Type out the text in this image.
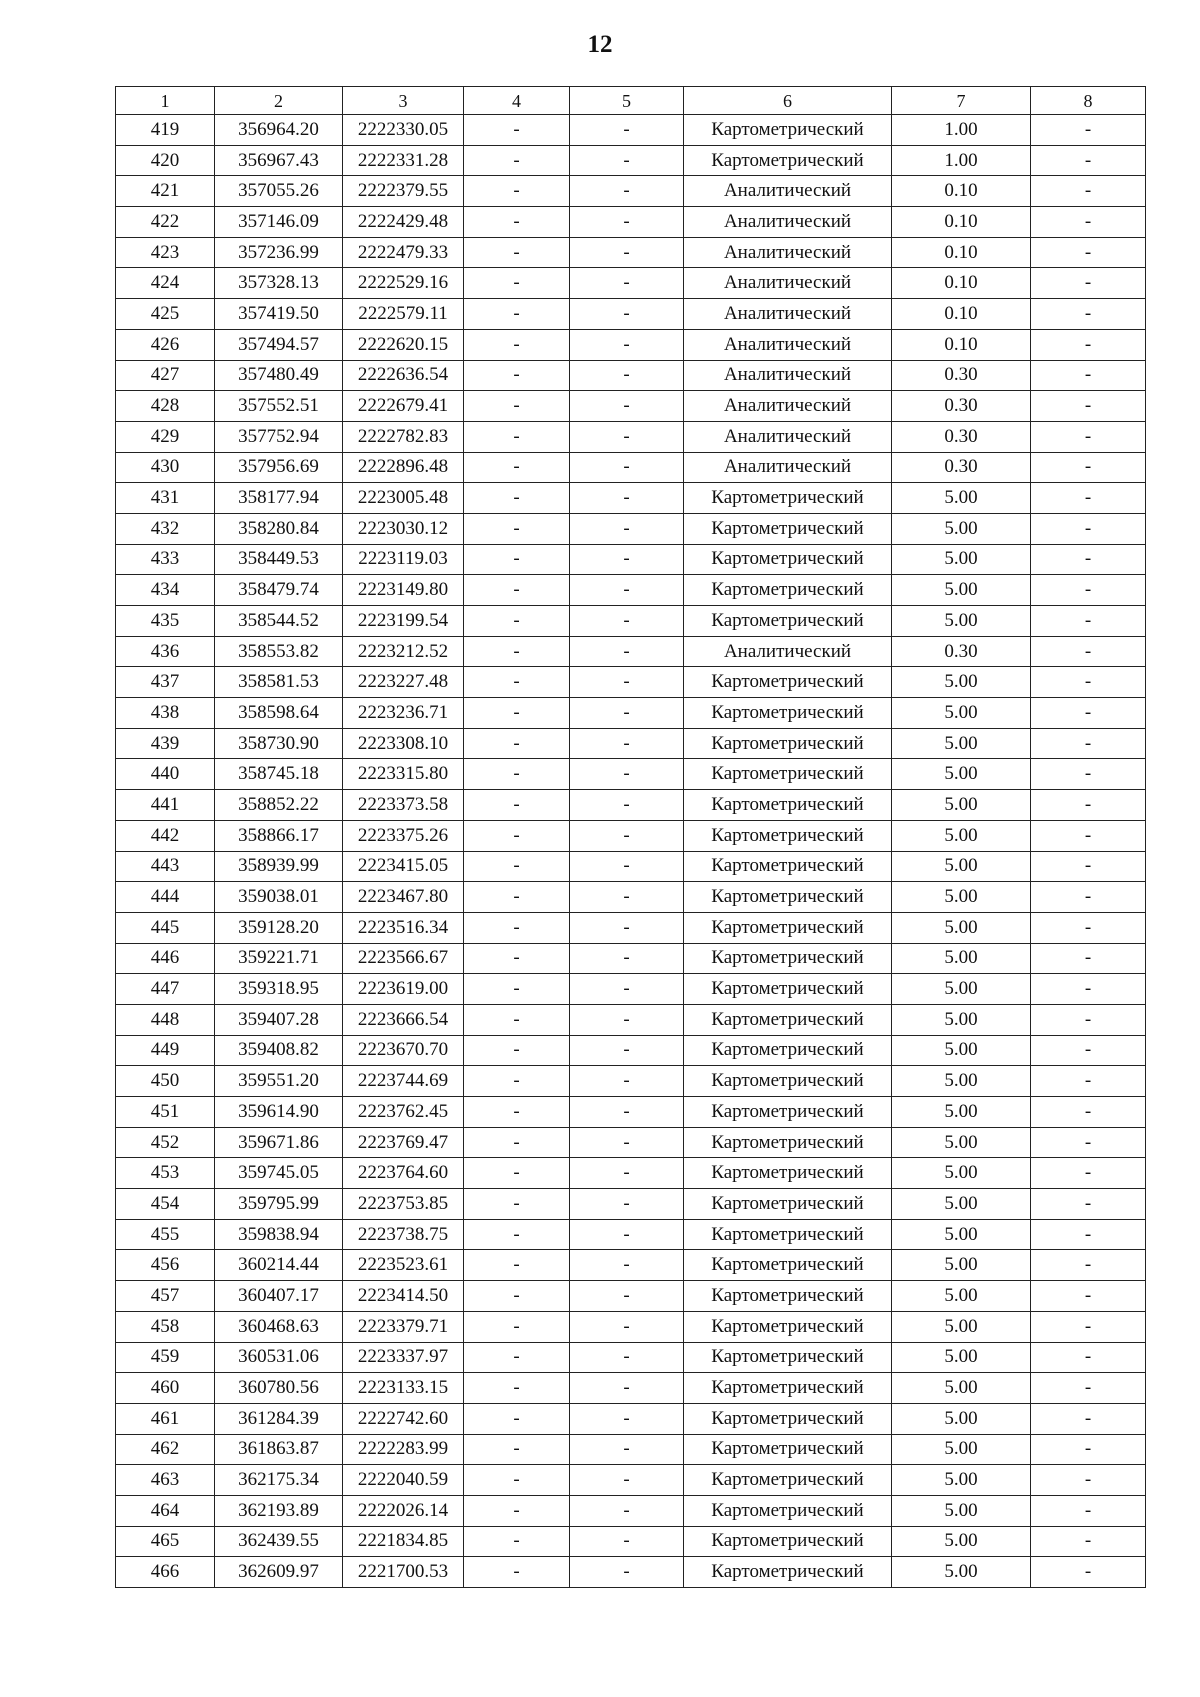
12
1	2	3	4	5	6	7	8
419	356964.20	2222330.05	-	-	Картометрический	1.00	-
420	356967.43	2222331.28	-	-	Картометрический	1.00	-
421	357055.26	2222379.55	-	-	Аналитический	0.10	-
422	357146.09	2222429.48	-	-	Аналитический	0.10	-
423	357236.99	2222479.33	-	-	Аналитический	0.10	-
424	357328.13	2222529.16	-	-	Аналитический	0.10	-
425	357419.50	2222579.11	-	-	Аналитический	0.10	-
426	357494.57	2222620.15	-	-	Аналитический	0.10	-
427	357480.49	2222636.54	-	-	Аналитический	0.30	-
428	357552.51	2222679.41	-	-	Аналитический	0.30	-
429	357752.94	2222782.83	-	-	Аналитический	0.30	-
430	357956.69	2222896.48	-	-	Аналитический	0.30	-
431	358177.94	2223005.48	-	-	Картометрический	5.00	-
432	358280.84	2223030.12	-	-	Картометрический	5.00	-
433	358449.53	2223119.03	-	-	Картометрический	5.00	-
434	358479.74	2223149.80	-	-	Картометрический	5.00	-
435	358544.52	2223199.54	-	-	Картометрический	5.00	-
436	358553.82	2223212.52	-	-	Аналитический	0.30	-
437	358581.53	2223227.48	-	-	Картометрический	5.00	-
438	358598.64	2223236.71	-	-	Картометрический	5.00	-
439	358730.90	2223308.10	-	-	Картометрический	5.00	-
440	358745.18	2223315.80	-	-	Картометрический	5.00	-
441	358852.22	2223373.58	-	-	Картометрический	5.00	-
442	358866.17	2223375.26	-	-	Картометрический	5.00	-
443	358939.99	2223415.05	-	-	Картометрический	5.00	-
444	359038.01	2223467.80	-	-	Картометрический	5.00	-
445	359128.20	2223516.34	-	-	Картометрический	5.00	-
446	359221.71	2223566.67	-	-	Картометрический	5.00	-
447	359318.95	2223619.00	-	-	Картометрический	5.00	-
448	359407.28	2223666.54	-	-	Картометрический	5.00	-
449	359408.82	2223670.70	-	-	Картометрический	5.00	-
450	359551.20	2223744.69	-	-	Картометрический	5.00	-
451	359614.90	2223762.45	-	-	Картометрический	5.00	-
452	359671.86	2223769.47	-	-	Картометрический	5.00	-
453	359745.05	2223764.60	-	-	Картометрический	5.00	-
454	359795.99	2223753.85	-	-	Картометрический	5.00	-
455	359838.94	2223738.75	-	-	Картометрический	5.00	-
456	360214.44	2223523.61	-	-	Картометрический	5.00	-
457	360407.17	2223414.50	-	-	Картометрический	5.00	-
458	360468.63	2223379.71	-	-	Картометрический	5.00	-
459	360531.06	2223337.97	-	-	Картометрический	5.00	-
460	360780.56	2223133.15	-	-	Картометрический	5.00	-
461	361284.39	2222742.60	-	-	Картометрический	5.00	-
462	361863.87	2222283.99	-	-	Картометрический	5.00	-
463	362175.34	2222040.59	-	-	Картометрический	5.00	-
464	362193.89	2222026.14	-	-	Картометрический	5.00	-
465	362439.55	2221834.85	-	-	Картометрический	5.00	-
466	362609.97	2221700.53	-	-	Картометрический	5.00	-
